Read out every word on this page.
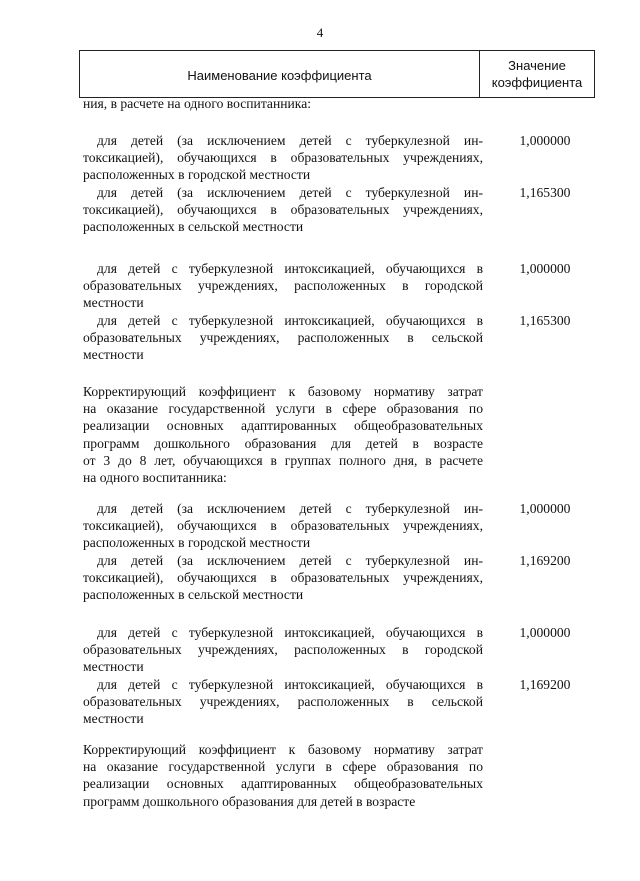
4
Наименование коэффициента
Значение
коэффициента
ния, в расчете на одного воспитанника:
для детей (за исключением детей с туберкулезной ин-
токсикацией), обучающихся в образовательных учреждениях,
расположенных в городской местности
1,000000
для детей (за исключением детей с туберкулезной ин-
токсикацией), обучающихся в образовательных учреждениях,
расположенных в сельской местности
1,165300
для детей с туберкулезной интоксикацией, обучающихся в
образовательных учреждениях, расположенных в городской
местности
1,000000
для детей с туберкулезной интоксикацией, обучающихся в
образовательных учреждениях, расположенных в сельской
местности
1,165300
Корректирующий коэффициент к базовому нормативу затрат
на оказание государственной услуги в сфере образования по
реализации основных адаптированных общеобразовательных
программ дошкольного образования для детей в возрасте
от 3 до 8 лет, обучающихся в группах полного дня, в расчете
на одного воспитанника:
для детей (за исключением детей с туберкулезной ин-
токсикацией), обучающихся в образовательных учреждениях,
расположенных в городской местности
1,000000
для детей (за исключением детей с туберкулезной ин-
токсикацией), обучающихся в образовательных учреждениях,
расположенных в сельской местности
1,169200
для детей с туберкулезной интоксикацией, обучающихся в
образовательных учреждениях, расположенных в городской
местности
1,000000
для детей с туберкулезной интоксикацией, обучающихся в
образовательных учреждениях, расположенных в сельской
местности
1,169200
Корректирующий коэффициент к базовому нормативу затрат
на оказание государственной услуги в сфере образования по
реализации основных адаптированных общеобразовательных
программ дошкольного образования для детей в возрасте
